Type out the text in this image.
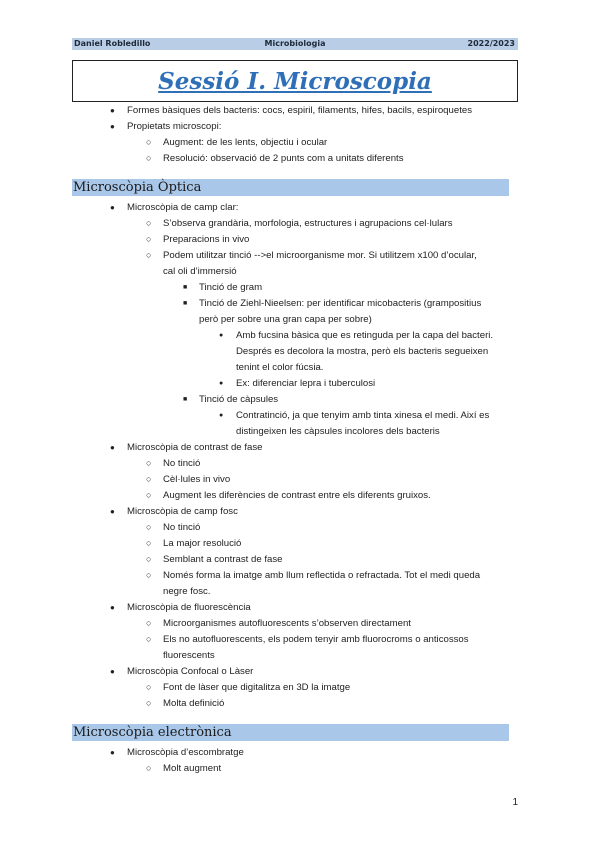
Daniel Robledillo	Microbiologia	2022/2023
Sessió I. Microscopia
● Formes bàsiques dels bacteris: cocs, espiril, filaments, hifes, bacils, espiroquetes
● Propietats microscopi:
○ Augment: de les lents, objectiu i ocular
○ Resolució: observació de 2 punts com a unitats diferents
Microscòpia Òptica
● Microscòpia de camp clar:
○ S’observa grandària, morfologia, estructures i agrupacions cel·lulars
○ Preparacions in vivo
○ Podem utilitzar tinció -->el microorganisme mor. Si utilitzem x100 d’ocular,
cal oli d’immersió
■ Tinció de gram
■ Tinció de Ziehl-Nieelsen: per identificar micobacteris (grampositius
però per sobre una gran capa per sobre)
● Amb fucsina bàsica que es retinguda per la capa del bacteri.
Després es decolora la mostra, però els bacteris segueixen
tenint el color fúcsia.
● Ex: diferenciar lepra i tuberculosi
■ Tinció de càpsules
● Contratinció, ja que tenyim amb tinta xinesa el medi. Així es
distingeixen les càpsules incolores dels bacteris
● Microscòpia de contrast de fase
○ No tinció
○ Cèl·lules in vivo
○ Augment les diferències de contrast entre els diferents gruixos.
● Microscòpia de camp fosc
○ No tinció
○ La major resolució
○ Semblant a contrast de fase
○ Només forma la imatge amb llum reflectida o refractada. Tot el medi queda
negre fosc.
● Microscòpia de fluorescència
○ Microorganismes autofluorescents s’observen directament
○ Els no autofluorescents, els podem tenyir amb fluorocroms o anticossos
fluorescents
● Microscòpia Confocal o Làser
○ Font de làser que digitalitza en 3D la imatge
○ Molta definició
Microscòpia electrònica
● Microscòpia d’escombratge
○ Molt augment
1
